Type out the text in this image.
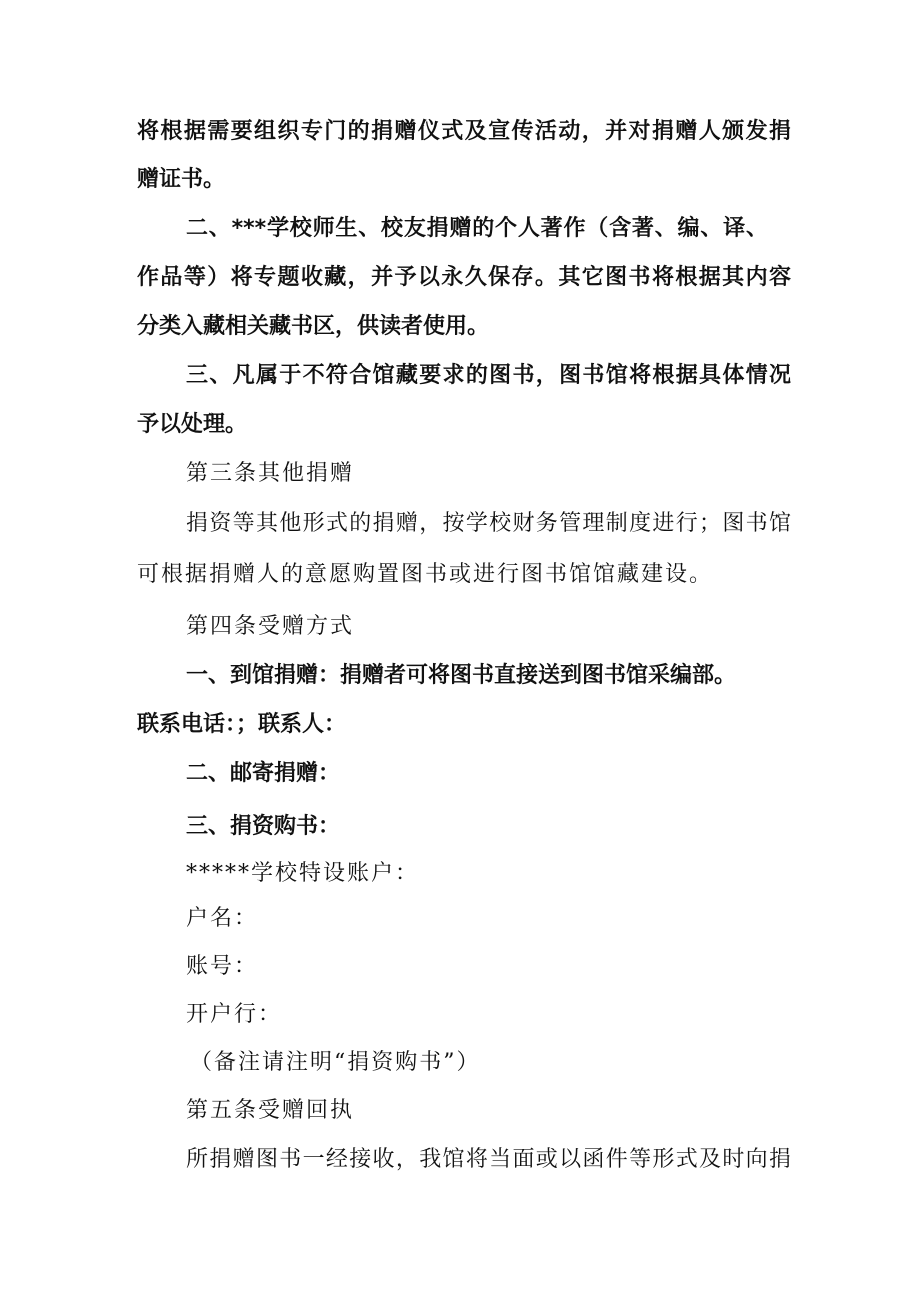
将根据需要组织专门的捐赠仪式及宣传活动，并对捐赠人颁发捐
赠证书。
二、***学校师生、校友捐赠的个人著作（含著、编、译、
作品等）将专题收藏，并予以永久保存。其它图书将根据其内容
分类入藏相关藏书区，供读者使用。
三、凡属于不符合馆藏要求的图书，图书馆将根据具体情况
予以处理。
第三条其他捐赠
捐资等其他形式的捐赠，按学校财务管理制度进行；图书馆
可根据捐赠人的意愿购置图书或进行图书馆馆藏建设。
第四条受赠方式
一、到馆捐赠：捐赠者可将图书直接送到图书馆采编部。
联系电话：；联系人：
二、邮寄捐赠：
三、捐资购书：
*****学校特设账户：
户名：
账号：
开户行：
（备注请注明“捐资购书”）
第五条受赠回执
所捐赠图书一经接收，我馆将当面或以函件等形式及时向捐
